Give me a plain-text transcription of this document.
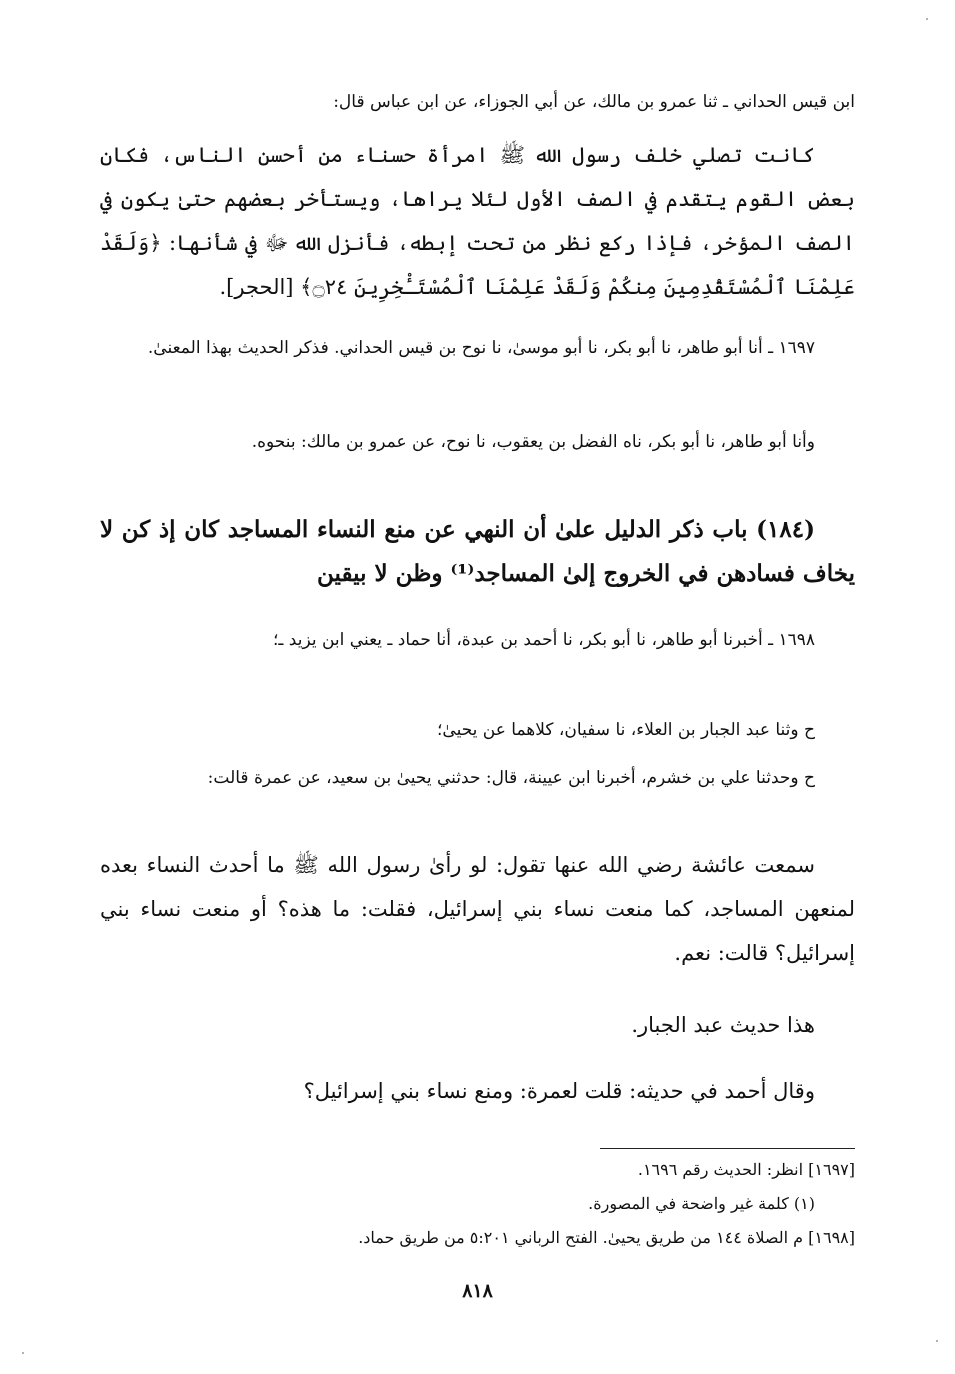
ابن قيس الحداني ـ ثنا عمرو بن مالك، عن أبي الجوزاء، عن ابن عباس قال:

كانت تصلي خلف رسول الله ﷺ امرأة حسناء من أحسن الناس، فكان بعض القوم يتقدم في الصف الأول لئلا يراها، ويستأخر بعضهم حتىٰ يكون في الصف المؤخر، فإذا ركع نظر من تحت إبطه، فأنزل الله ﷻ في شأنها: ﴿وَلَقَدْ عَلِمْنَا ٱلْمُسْتَقْدِمِينَ مِنكُمْ وَلَقَدْ عَلِمْنَا ٱلْمُسْتَـْٔخِرِينَ ۝٢٤﴾ [الحجر].

١٦٩٧ ـ أنا أبو طاهر، نا أبو بكر، نا أبو موسىٰ، نا نوح بن قيس الحداني. فذكر الحديث بهذا المعنىٰ.

وأنا أبو طاهر، نا أبو بكر، ناه الفضل بن يعقوب، نا نوح، عن عمرو بن مالك: بنحوه.

(١٨٤) باب ذكر الدليل علىٰ أن النهي عن منع النساء المساجد كان إذ كن لا يخاف فسادهن في الخروج إلىٰ المساجد⁽¹⁾ وظن لا بيقين

١٦٩٨ ـ أخبرنا أبو طاهر، نا أبو بكر، نا أحمد بن عبدة، أنا حماد ـ يعني ابن يزيد ـ؛

ح وثنا عبد الجبار بن العلاء، نا سفيان، كلاهما عن يحيىٰ؛

ح وحدثنا علي بن خشرم، أخبرنا ابن عيينة، قال: حدثني يحيىٰ بن سعيد، عن عمرة قالت:

سمعت عائشة رضي الله عنها تقول: لو رأىٰ رسول الله ﷺ ما أحدث النساء بعده لمنعهن المساجد، كما منعت نساء بني إسرائيل، فقلت: ما هذه؟ أو منعت نساء بني إسرائيل؟ قالت: نعم.

هذا حديث عبد الجبار.

وقال أحمد في حديثه: قلت لعمرة: ومنع نساء بني إسرائيل؟

[١٦٩٧] انظر: الحديث رقم ١٦٩٦.

(١) كلمة غير واضحة في المصورة.

[١٦٩٨] م الصلاة ١٤٤ من طريق يحيىٰ. الفتح الرباني ٥:٢٠١ من طريق حماد.

٨١٨
